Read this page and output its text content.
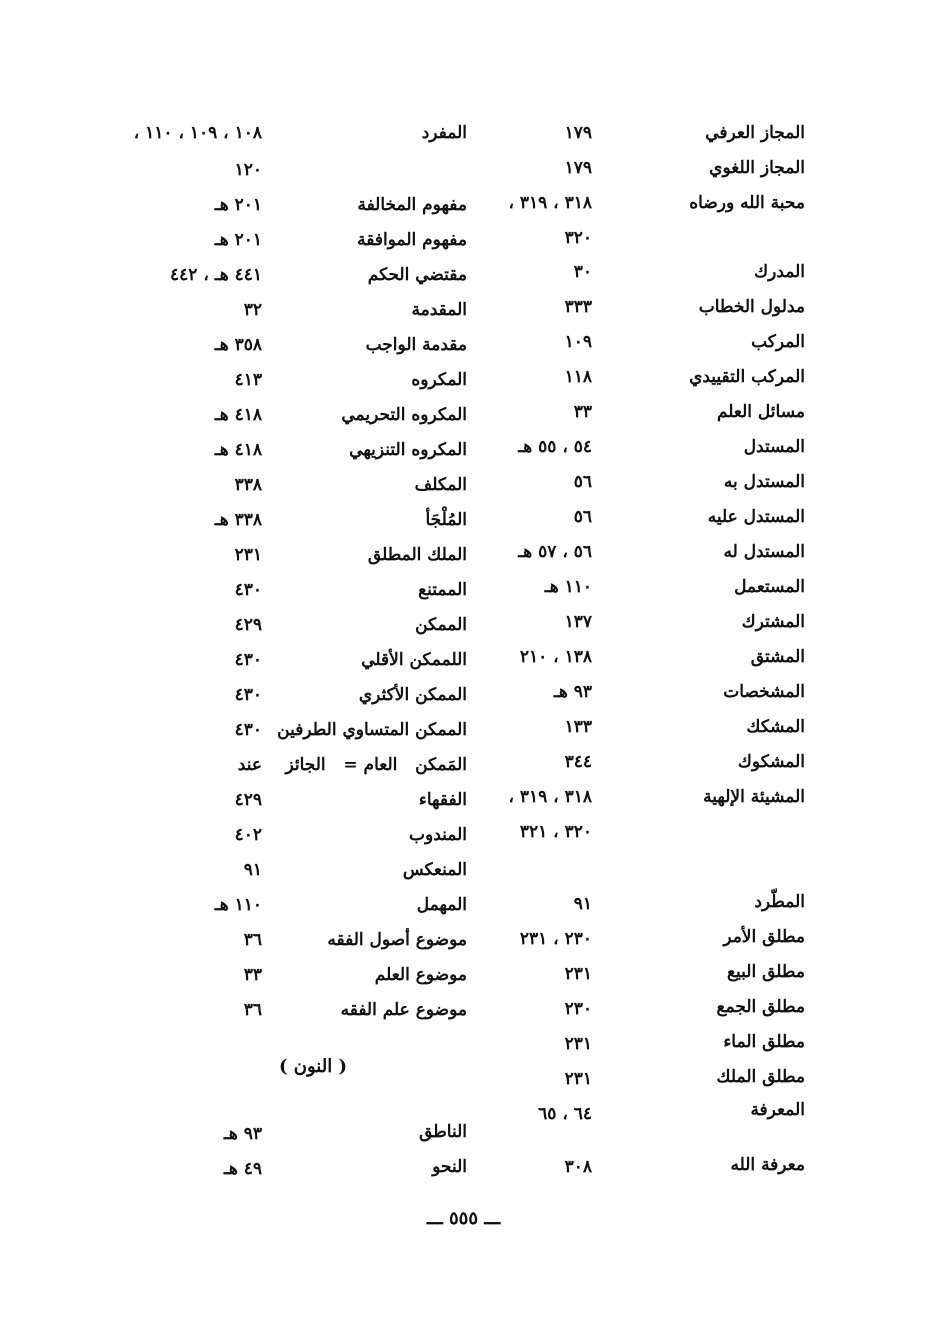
المجاز العرفي
المجاز اللغوي
محبة الله ورضاه
المدرك
مدلول الخطاب
المركب
المركب التقييدي
مسائل العلم
المستدل
المستدل به
المستدل عليه
المستدل له
المستعمل
المشترك
المشتق
المشخصات
المشكك
المشكوك
المشيئة الإلهية
المطّرد
مطلق الأمر
مطلق البيع
مطلق الجمع
مطلق الماء
مطلق الملك
المعرفة
معرفة الله
١٧٩
١٧٩
٣١٨ ، ٣١٩ ،
٣٢٠
٣٠
٣٣٣
١٠٩
١١٨
٣٣
٥٤ ، ٥٥ هـ
٥٦
٥٦
٥٦ ، ٥٧ هـ
١١٠ هـ
١٣٧
١٣٨ ، ٢١٠
٩٣ هـ
١٣٣
٣٤٤
٣١٨ ، ٣١٩ ،
٣٢٠ ، ٣٢١
٩١
٢٣٠ ، ٢٣١
٢٣١
٢٣٠
٢٣١
٢٣١
٦٤ ، ٦٥
٣٠٨
المفرد
مفهوم المخالفة
مفهوم الموافقة
مقتضي الحكم
المقدمة
مقدمة الواجب
المكروه
المكروه التحريمي
المكروه التنزيهي
المكلف
المُلْجَأ
الملك المطلق
الممتنع
الممكن
اللممكن الأقلي
الممكن الأكثري
الممكن المتساوي الطرفين
المَمكن   العام =   الجائز
الفقهاء
المندوب
المنعكس
المهمل
موضوع أصول الفقه
موضوع العلم
موضوع علم الفقه
الناطق
النحو
١٠٨ ، ١٠٩ ، ١١٠ ،
١٢٠
٢٠١ هـ
٢٠١ هـ
٤٤١ هـ ، ٤٤٢
٣٢
٣٥٨ هـ
٤١٣
٤١٨ هـ
٤١٨ هـ
٣٣٨
٣٣٨ هـ
٢٣١
٤٣٠
٤٢٩
٤٣٠
٤٣٠
٤٣٠
عند
٤٢٩
٤٠٢
٩١
١١٠ هـ
٣٦
٣٣
٣٦
٩٣ هـ
٤٩ هـ
( النون )
ـــ ٥٥٥ ـــ
